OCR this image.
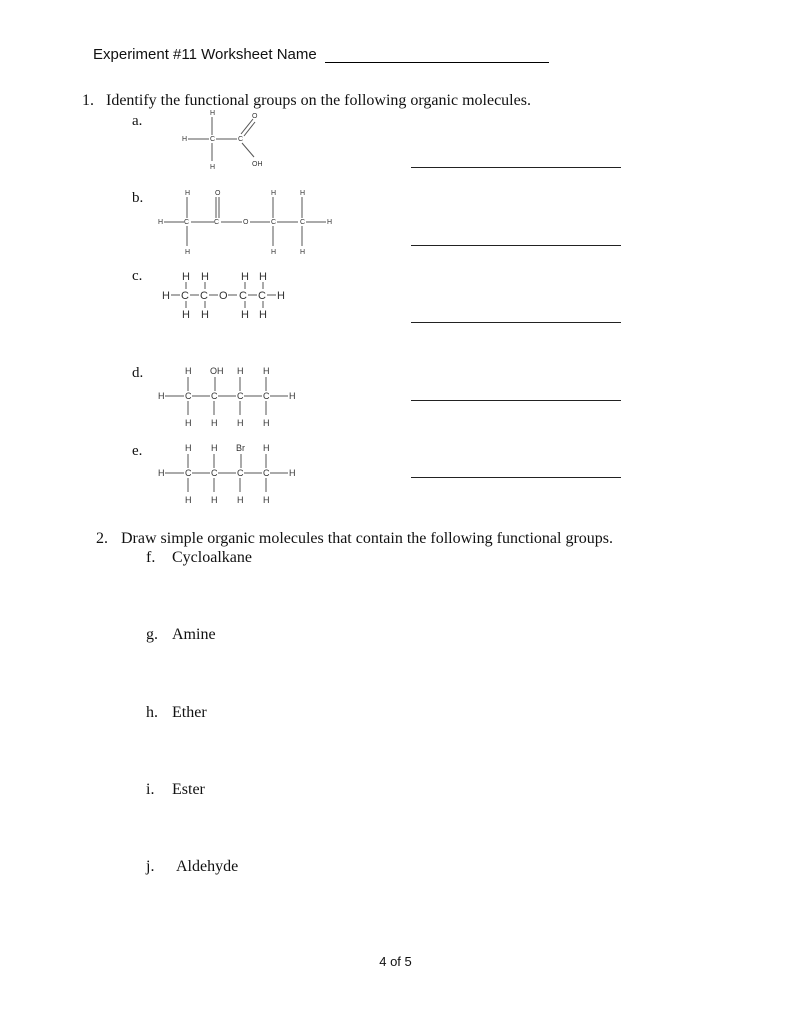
Experiment #11 Worksheet Name
1. Identify the functional groups on the following organic molecules.
a.
b.
c.
d.
e.
H
H	C
H
C
O
OH
H
H	C
H
O
C	O
H
C
H
H
C	H
H
H H	H H
H C C O C C H
H H	H H
H OH H H
H C C C C H
H H H H
H H Br H
H C C C C H
H H H H
2. Draw simple organic molecules that contain the following functional groups.
f. Cycloalkane
g. Amine
h. Ether
i. Ester
j. Aldehyde
4 of 5
